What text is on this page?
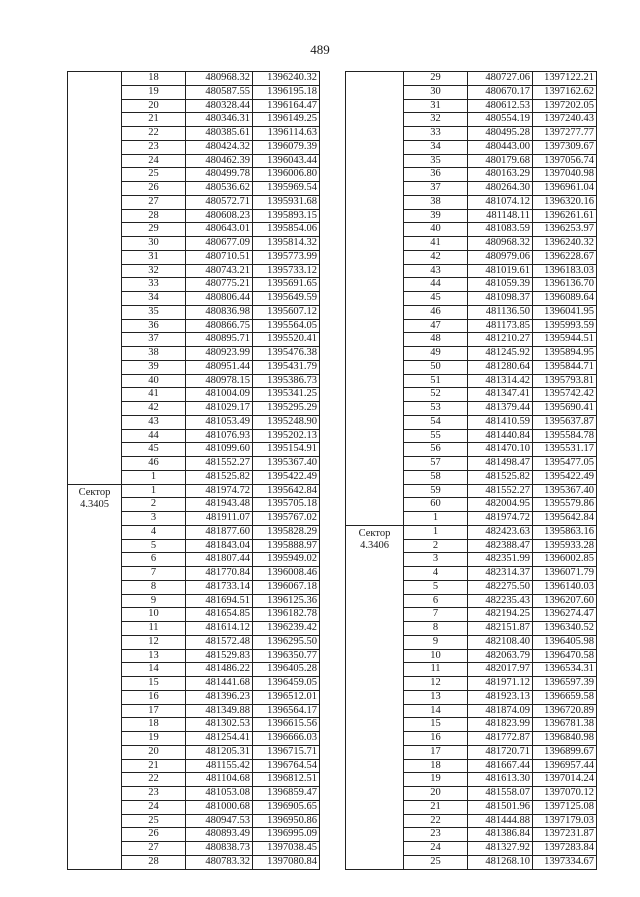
489
	18	480968.32	1396240.32
	19	480587.55	1396195.18
	20	480328.44	1396164.47
	21	480346.31	1396149.25
	22	480385.61	1396114.63
	23	480424.32	1396079.39
	24	480462.39	1396043.44
	25	480499.78	1396006.80
	26	480536.62	1395969.54
	27	480572.71	1395931.68
	28	480608.23	1395893.15
	29	480643.01	1395854.06
	30	480677.09	1395814.32
	31	480710.51	1395773.99
	32	480743.21	1395733.12
	33	480775.21	1395691.65
	34	480806.44	1395649.59
	35	480836.98	1395607.12
	36	480866.75	1395564.05
	37	480895.71	1395520.41
	38	480923.99	1395476.38
	39	480951.44	1395431.79
	40	480978.15	1395386.73
	41	481004.09	1395341.25
	42	481029.17	1395295.29
	43	481053.49	1395248.90
	44	481076.93	1395202.13
	45	481099.60	1395154.91
	46	481552.27	1395367.40
	1	481525.82	1395422.49

Сектор
4.3405	1	481974.72	1395642.84
	2	481943.48	1395705.18
	3	481911.07	1395767.02
	4	481877.60	1395828.29
	5	481843.04	1395888.97
	6	481807.44	1395949.02
	7	481770.84	1396008.46
	8	481733.14	1396067.18
	9	481694.51	1396125.36
	10	481654.85	1396182.78
	11	481614.12	1396239.42
	12	481572.48	1396295.50
	13	481529.83	1396350.77
	14	481486.22	1396405.28
	15	481441.68	1396459.05
	16	481396.23	1396512.01
	17	481349.88	1396564.17
	18	481302.53	1396615.56
	19	481254.41	1396666.03
	20	481205.31	1396715.71
	21	481155.42	1396764.54
	22	481104.68	1396812.51
	23	481053.08	1396859.47
	24	481000.68	1396905.65
	25	480947.53	1396950.86
	26	480893.49	1396995.09
	27	480838.73	1397038.45
	28	480783.32	1397080.84
	29	480727.06	1397122.21
	30	480670.17	1397162.62
	31	480612.53	1397202.05
	32	480554.19	1397240.43
	33	480495.28	1397277.77
	34	480443.00	1397309.67
	35	480179.68	1397056.74
	36	480163.29	1397040.98
	37	480264.30	1396961.04
	38	481074.12	1396320.16
	39	481148.11	1396261.61
	40	481083.59	1396253.97
	41	480968.32	1396240.32
	42	480979.06	1396228.67
	43	481019.61	1396183.03
	44	481059.39	1396136.70
	45	481098.37	1396089.64
	46	481136.50	1396041.95
	47	481173.85	1395993.59
	48	481210.27	1395944.51
	49	481245.92	1395894.95
	50	481280.64	1395844.71
	51	481314.42	1395793.81
	52	481347.41	1395742.42
	53	481379.44	1395690.41
	54	481410.59	1395637.87
	55	481440.84	1395584.78
	56	481470.10	1395531.17
	57	481498.47	1395477.05
	58	481525.82	1395422.49
	59	481552.27	1395367.40
	60	482004.95	1395579.86
	1	481974.72	1395642.84

Сектор
4.3406	1	482423.63	1395863.16
	2	482388.47	1395933.28
	3	482351.99	1396002.85
	4	482314.37	1396071.79
	5	482275.50	1396140.03
	6	482235.43	1396207.60
	7	482194.25	1396274.47
	8	482151.87	1396340.52
	9	482108.40	1396405.98
	10	482063.79	1396470.58
	11	482017.97	1396534.31
	12	481971.12	1396597.39
	13	481923.13	1396659.58
	14	481874.09	1396720.89
	15	481823.99	1396781.38
	16	481772.87	1396840.98
	17	481720.71	1396899.67
	18	481667.44	1396957.44
	19	481613.30	1397014.24
	20	481558.07	1397070.12
	21	481501.96	1397125.08
	22	481444.88	1397179.03
	23	481386.84	1397231.87
	24	481327.92	1397283.84
	25	481268.10	1397334.67
